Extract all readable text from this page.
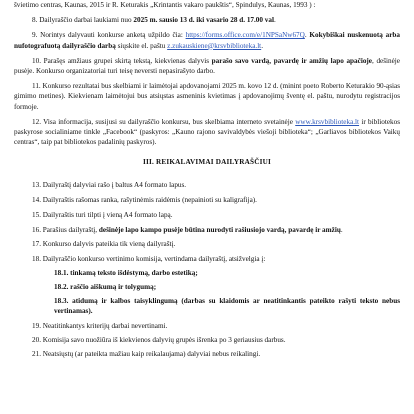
švietimo centras, Kaunas, 2015 ir R. Keturakis „Krintantis vakaro paukštis“, Spindulys, Kaunas, 1993 ) :

8. Dailyraščio darbai laukiami nuo 2025 m. sausio 13 d. iki vasario 28 d. 17.00 val.

9. Norintys dalyvauti konkurse anketą užpildo čia: https://forms.office.com/e/1NPSaNw67Q. Kokybiškai nuskenuotą arba nufotografuotą dailyraščio darbą siųskite el. paštu z.zukauskiene@krsvbiblioteka.lt.

10. Parašęs amžiaus grupei skirtą tekstą, kiekvienas dalyvis parašo savo vardą, pavardę ir amžių lapo apačioje, dešinėje pusėje. Konkurso organizatoriai turi teisę neversti nepasirašyto darbo.

11. Konkurso rezultatai bus skelbiami ir laimėtojai apdovanojami 2025 m. kovo 12 d. (minint poeto Roberto Keturakio 90-ąsias gimimo metines). Kiekvienam laimėtojui bus atsiųstas asmeninis kvietimas į apdovanojimų šventę el. paštu, nurodytu registracijos formoje.

12. Visa informacija, susijusi su dailyraščio konkursu, bus skelbiama interneto svetainėje www.krsvbiblioteka.lt ir bibliotekos paskyrose socialiniame tinkle „Facebook“ (paskyros: „Kauno rajono savivaldybės viešoji biblioteka“; „Garliavos bibliotekos Vaikų centras“, taip pat bibliotekos padalinių paskyros).

III. REIKALAVIMAI DAILYRAŠČIUI

13. Dailyraštį dalyviai rašo į baltus A4 formato lapus.

14. Dailyraštis rašomas ranka, rašytinėmis raidėmis (nepainioti su kaligrafija).

15. Dailyraštis turi tilpti į vieną A4 formato lapą.

16. Parašius dailyraštį, dešinėje lapo kampo pusėje būtina nurodyti rašiusiojo vardą, pavardę ir amžių.

17. Konkurso dalyvis pateikia tik vieną dailyraštį.

18. Dailyraščio konkurso vertinimo komisija, vertindama dailyraštį, atsižvelgia į:

18.1. tinkamą teksto išdėstymą, darbo estetiką;

18.2. raščio aiškumą ir tolygumą;

18.3. atidumą ir kalbos taisyklingumą (darbas su klaidomis ar neatitinkantis pateikto rašyti teksto nebus vertinamas).

19. Neatitinkantys kriterijų darbai nevertinami.

20. Komisija savo nuožiūra iš kiekvienos dalyvių grupės išrenka po 3 geriausius darbus.

21. Neatsiųstų (ar pateikta mažiau kaip reikalaujama) dalyviai nebus reikalingi.
